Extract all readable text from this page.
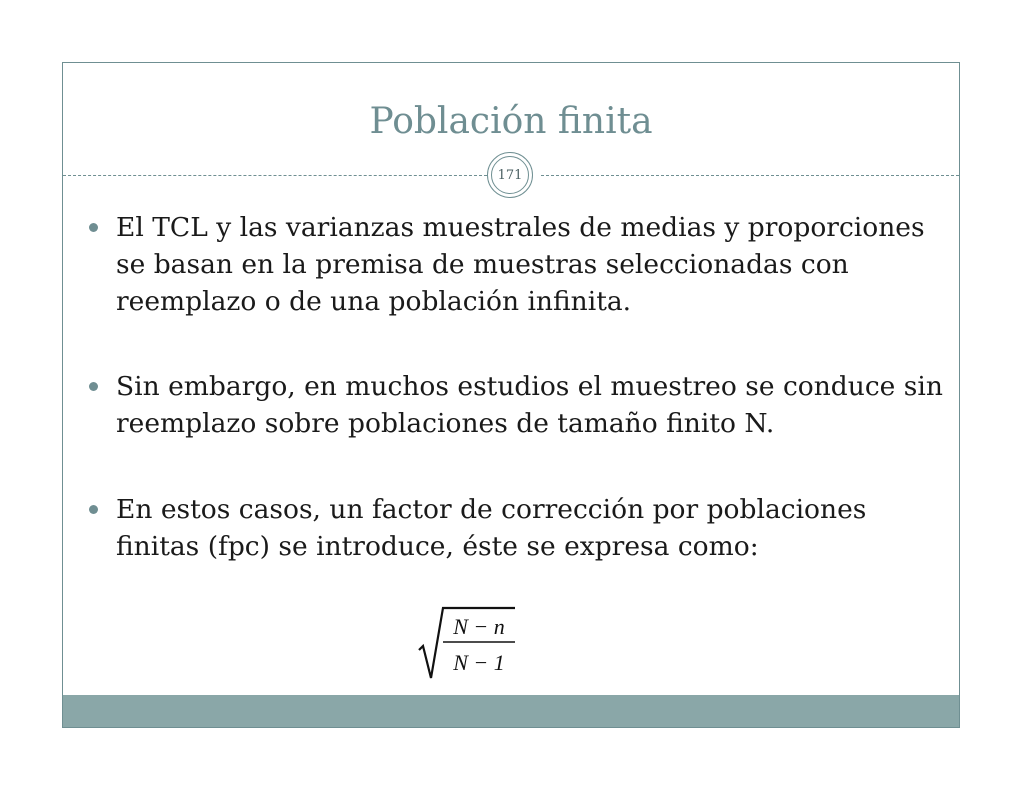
Población finita
171
El TCL y las varianzas muestrales de medias y proporciones se basan en la premisa de muestras seleccionadas con reemplazo o de una población infinita.
Sin embargo, en muchos estudios el muestreo se conduce sin reemplazo sobre poblaciones de tamaño finito N.
En estos casos, un factor de corrección por poblaciones finitas (fpc) se introduce, éste se expresa como:
N − n
N − 1
